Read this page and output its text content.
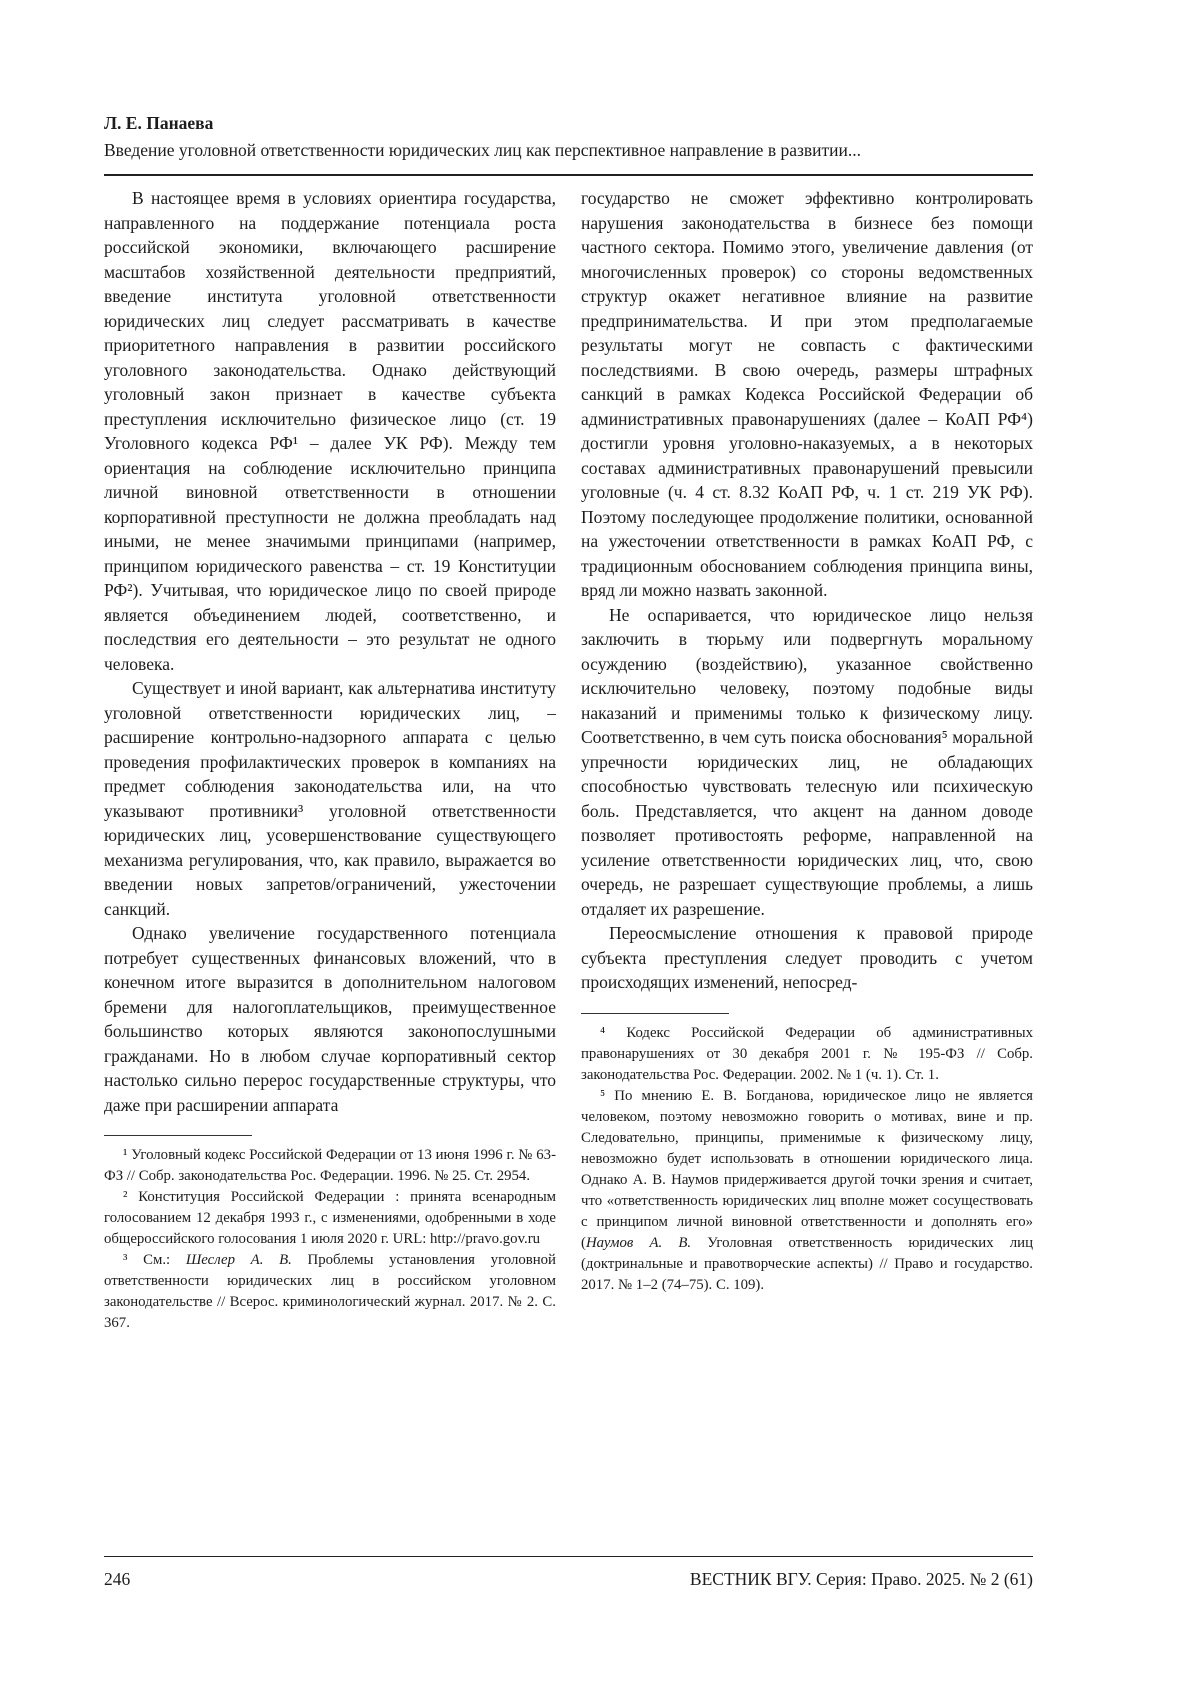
Л. Е. Панаева
Введение уголовной ответственности юридических лиц как перспективное направление в развитии...

В настоящее время в условиях ориентира государства, направленного на поддержание потенциала роста российской экономики, включающего расширение масштабов хозяйственной деятельности предприятий, введение института уголовной ответственности юридических лиц следует рассматривать в качестве приоритетного направления в развитии российского уголовного законодательства. Однако действующий уголовный закон признает в качестве субъекта преступления исключительно физическое лицо (ст. 19 Уголовного кодекса РФ¹ – далее УК РФ). Между тем ориентация на соблюдение исключительно принципа личной виновной ответственности в отношении корпоративной преступности не должна преобладать над иными, не менее значимыми принципами (например, принципом юридического равенства – ст. 19 Конституции РФ²). Учитывая, что юридическое лицо по своей природе является объединением людей, соответственно, и последствия его деятельности – это результат не одного человека.

Существует и иной вариант, как альтернатива институту уголовной ответственности юридических лиц, – расширение контрольно-надзорного аппарата с целью проведения профилактических проверок в компаниях на предмет соблюдения законодательства или, на что указывают противники³ уголовной ответственности юридических лиц, усовершенствование существующего механизма регулирования, что, как правило, выражается во введении новых запретов/ограничений, ужесточении санкций.

Однако увеличение государственного потенциала потребует существенных финансовых вложений, что в конечном итоге выразится в дополнительном налоговом бремени для налогоплательщиков, преимущественное большинство которых являются законопослушными гражданами. Но в любом случае корпоративный сектор настолько сильно перерос государственные структуры, что даже при расширении аппарата

¹ Уголовный кодекс Российской Федерации от 13 июня 1996 г. № 63-ФЗ // Собр. законодательства Рос. Федерации. 1996. № 25. Ст. 2954.

² Конституция Российской Федерации : принята всенародным голосованием 12 декабря 1993 г., с изменениями, одобренными в ходе общероссийского голосования 1 июля 2020 г. URL: http://pravo.gov.ru

³ См.: Шеслер А. В. Проблемы установления уголовной ответственности юридических лиц в российском уголовном законодательстве // Всерос. криминологический журнал. 2017. № 2. С. 367.

государство не сможет эффективно контролировать нарушения законодательства в бизнесе без помощи частного сектора. Помимо этого, увеличение давления (от многочисленных проверок) со стороны ведомственных структур окажет негативное влияние на развитие предпринимательства. И при этом предполагаемые результаты могут не совпасть с фактическими последствиями. В свою очередь, размеры штрафных санкций в рамках Кодекса Российской Федерации об административных правонарушениях (далее – КоАП РФ⁴) достигли уровня уголовно-наказуемых, а в некоторых составах административных правонарушений превысили уголовные (ч. 4 ст. 8.32 КоАП РФ, ч. 1 ст. 219 УК РФ). Поэтому последующее продолжение политики, основанной на ужесточении ответственности в рамках КоАП РФ, с традиционным обоснованием соблюдения принципа вины, вряд ли можно назвать законной.

Не оспаривается, что юридическое лицо нельзя заключить в тюрьму или подвергнуть моральному осуждению (воздействию), указанное свойственно исключительно человеку, поэтому подобные виды наказаний и применимы только к физическому лицу. Соответственно, в чем суть поиска обоснования⁵ моральной упречности юридических лиц, не обладающих способностью чувствовать телесную или психическую боль. Представляется, что акцент на данном доводе позволяет противостоять реформе, направленной на усиление ответственности юридических лиц, что, свою очередь, не разрешает существующие проблемы, а лишь отдаляет их разрешение.

Переосмысление отношения к правовой природе субъекта преступления следует проводить с учетом происходящих изменений, непосред-

⁴ Кодекс Российской Федерации об административных правонарушениях от 30 декабря 2001 г. № 195-ФЗ // Собр. законодательства Рос. Федерации. 2002. № 1 (ч. 1). Ст. 1.

⁵ По мнению Е. В. Богданова, юридическое лицо не является человеком, поэтому невозможно говорить о мотивах, вине и пр. Следовательно, принципы, применимые к физическому лицу, невозможно будет использовать в отношении юридического лица. Однако А. В. Наумов придерживается другой точки зрения и считает, что «ответственность юридических лиц вполне может сосуществовать с принципом личной виновной ответственности и дополнять его» (Наумов А. В. Уголовная ответственность юридических лиц (доктринальные и правотворческие аспекты) // Право и государство. 2017. № 1–2 (74–75). С. 109).

246	ВЕСТНИК ВГУ. Серия: Право. 2025. № 2 (61)
